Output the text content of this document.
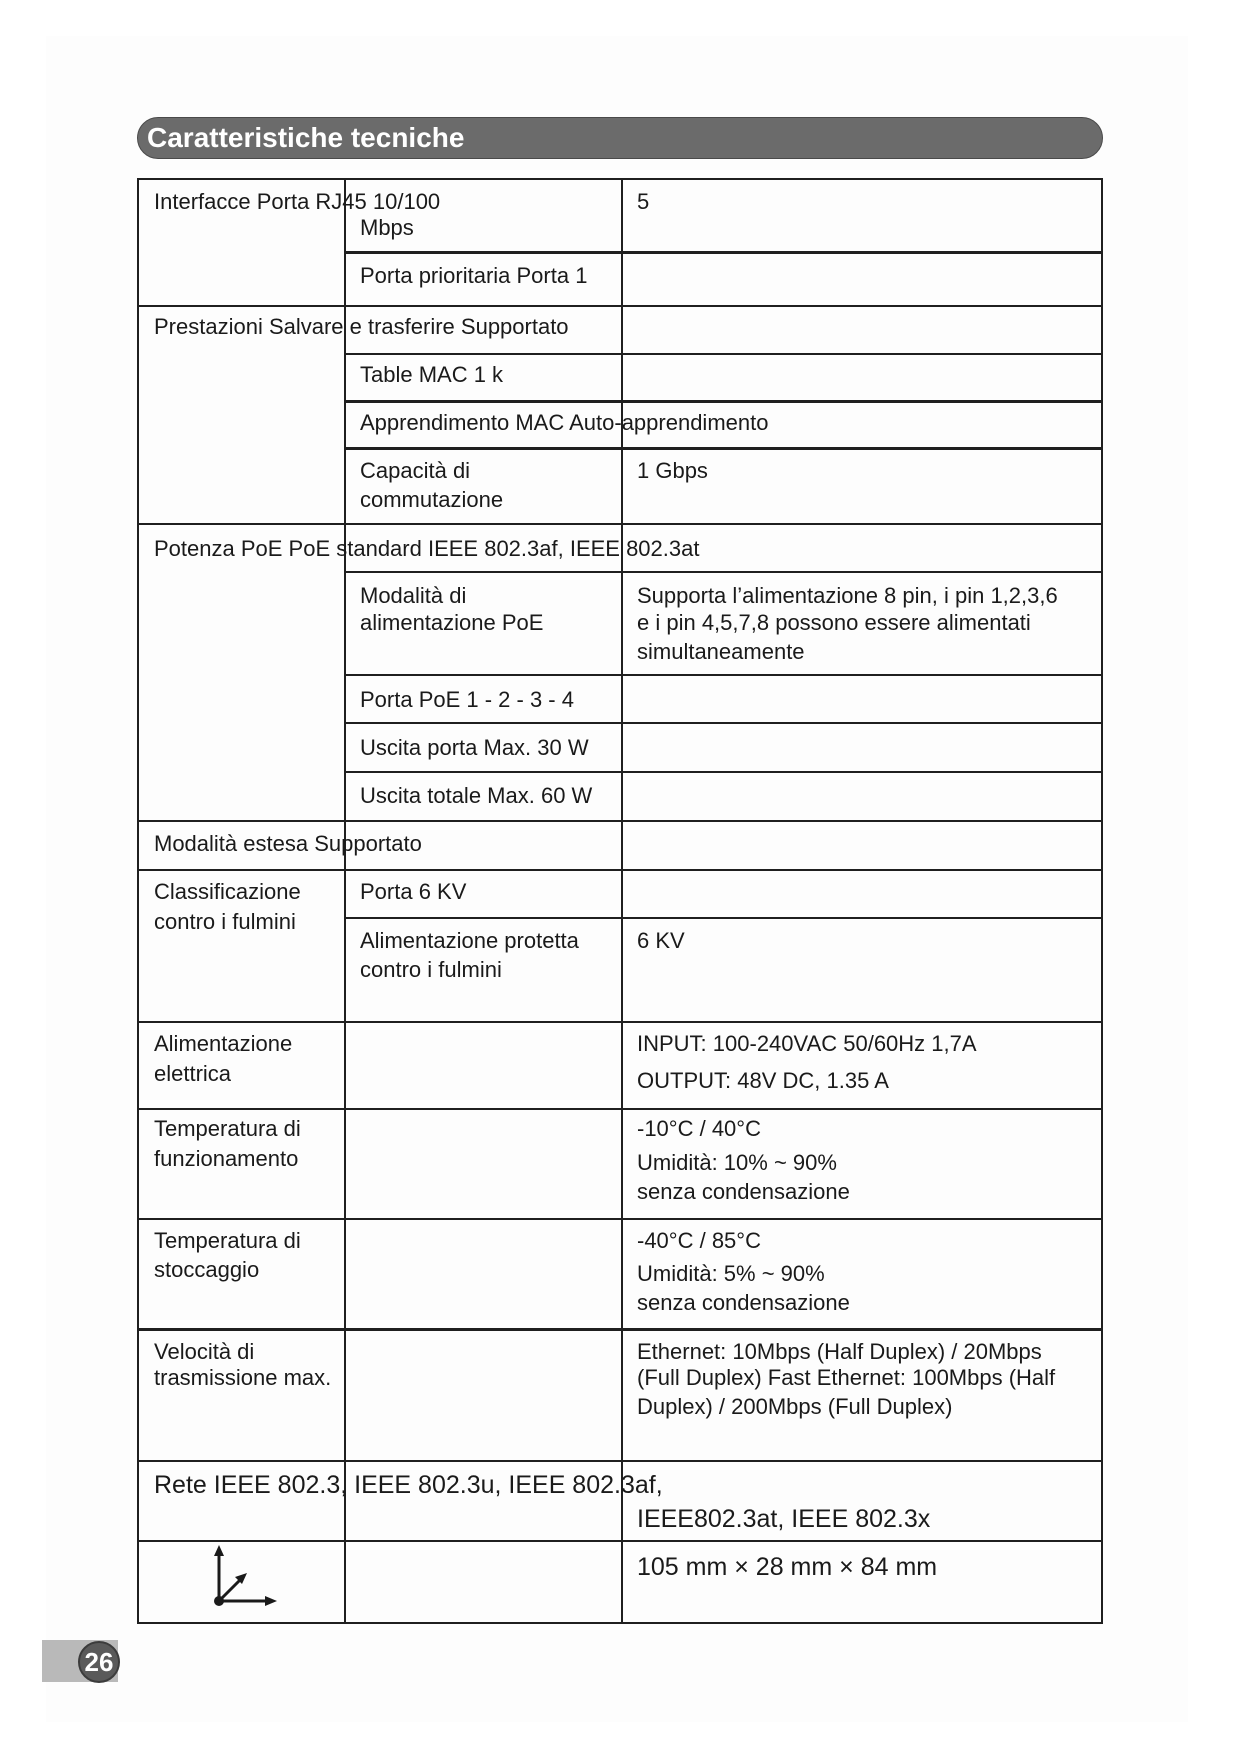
Caratteristiche tecniche
Interfacce Porta RJ45 10/100
Mbps
5
Porta prioritaria Porta 1
Prestazioni Salvare e trasferire Supportato
Table MAC 1 k
Apprendimento MAC Auto-apprendimento
Capacità di
commutazione
1 Gbps
Potenza PoE PoE standard IEEE 802.3af, IEEE 802.3at
Modalità di
alimentazione PoE
Supporta l’alimentazione 8 pin, i pin 1,2,3,6
e i pin 4,5,7,8 possono essere alimentati
simultaneamente
Porta PoE 1 - 2 - 3 - 4
Uscita porta Max. 30 W
Uscita totale Max. 60 W
Modalità estesa Supportato
Classificazione
contro i fulmini
Porta 6 KV
Alimentazione protetta
contro i fulmini
6 KV
Alimentazione
elettrica
INPUT: 100-240VAC 50/60Hz 1,7A
OUTPUT: 48V DC, 1.35 A
Temperatura di
funzionamento
-10°C / 40°C
Umidità: 10% ~ 90%
senza condensazione
Temperatura di
stoccaggio
-40°C / 85°C
Umidità: 5% ~ 90%
senza condensazione
Velocità di
trasmissione max.
Ethernet: 10Mbps (Half Duplex) / 20Mbps
(Full Duplex) Fast Ethernet: 100Mbps (Half
Duplex) / 200Mbps (Full Duplex)
Rete IEEE 802.3, IEEE 802.3u, IEEE 802.3af,
IEEE802.3at, IEEE 802.3x
105 mm × 28 mm × 84 mm
26
